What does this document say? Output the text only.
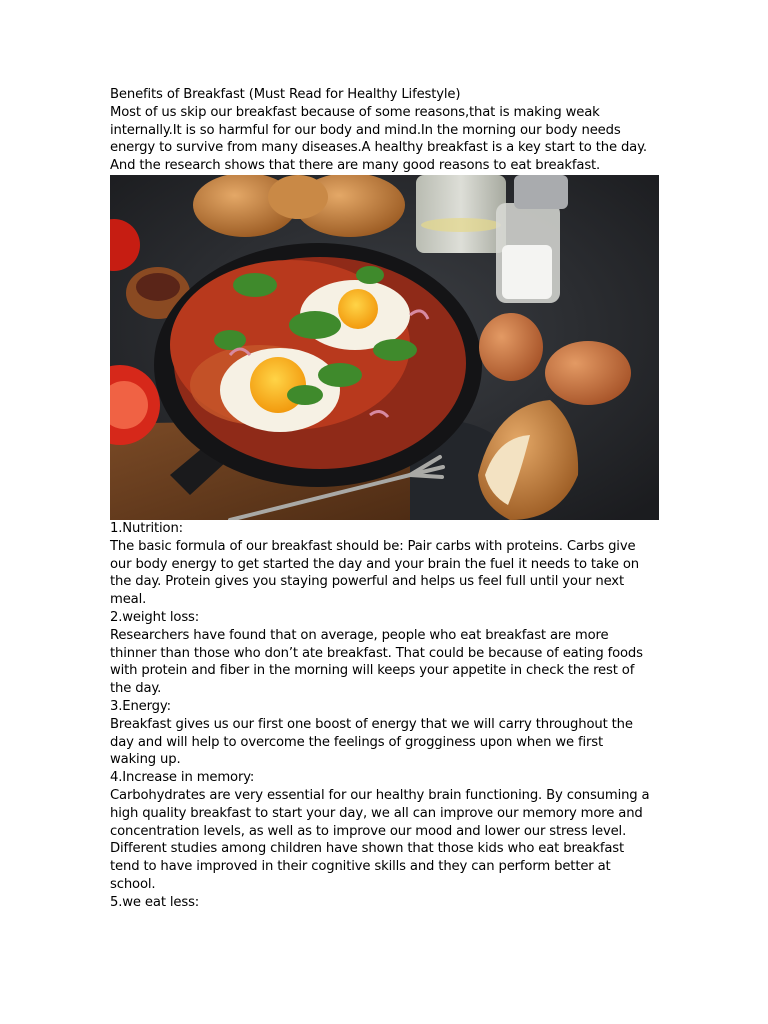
Benefits of Breakfast (Must Read for Healthy Lifestyle)
Most of us skip our breakfast because of some reasons,that is making weak
internally.It is so harmful for our body and mind.In the morning our body needs
energy to survive from many diseases.A healthy breakfast is a key start to the day.
And the research shows that there are many good reasons to eat breakfast.
1.Nutrition:
The basic formula of our breakfast should be: Pair carbs with proteins. Carbs give
our body energy to get started the day and your brain the fuel it needs to take on
the day. Protein gives you staying powerful and helps us feel full until your next
meal.
2.weight loss:
Researchers have found that on average, people who eat breakfast are more
thinner than those who don’t ate breakfast. That could be because of eating foods
with protein and fiber in the morning will keeps your appetite in check the rest of
the day.
3.Energy:
Breakfast gives us our first one boost of energy that we will carry throughout the
day and will help to overcome the feelings of grogginess upon when we first
waking up.
4.Increase in memory:
Carbohydrates are very essential for our healthy brain functioning. By consuming a
high quality breakfast to start your day, we all can improve our memory more and
concentration levels, as well as to improve our mood and lower our stress level.
Different studies among children have shown that those kids who eat breakfast
tend to have improved in their cognitive skills and they can perform better at
school.
5.we eat less:
